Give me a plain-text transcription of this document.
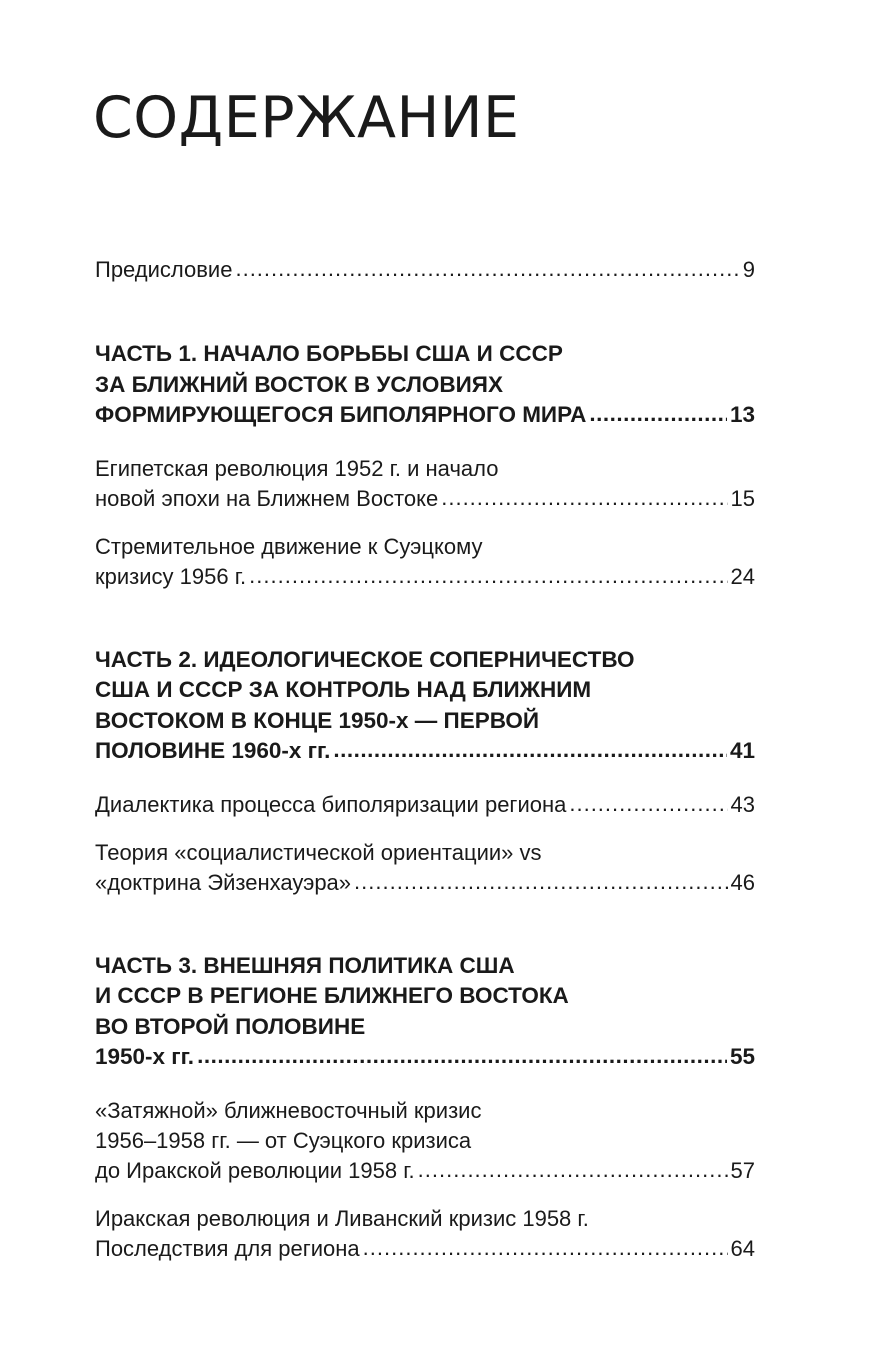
СОДЕРЖАНИЕ
Предисловие .....	9
ЧАСТЬ 1. НАЧАЛО БОРЬБЫ США И СССР
ЗА БЛИЖНИЙ ВОСТОК В УСЛОВИЯХ
ФОРМИРУЮЩЕГОСЯ БИПОЛЯРНОГО МИРА .....	13
Египетская революция 1952 г. и начало
новой эпохи на Ближнем Востоке .....	15
Стремительное движение к Суэцкому
кризису 1956 г. .....	24
ЧАСТЬ 2. ИДЕОЛОГИЧЕСКОЕ СОПЕРНИЧЕСТВО
США И СССР ЗА КОНТРОЛЬ НАД БЛИЖНИМ
ВОСТОКОМ В КОНЦЕ 1950-х — ПЕРВОЙ
ПОЛОВИНЕ 1960-х гг. .....	41
Диалектика процесса биполяризации региона .....	43
Теория «социалистической ориентации» vs
«доктрина Эйзенхауэра» .....	46
ЧАСТЬ 3. ВНЕШНЯЯ ПОЛИТИКА США
И СССР В РЕГИОНЕ БЛИЖНЕГО ВОСТОКА
ВО ВТОРОЙ ПОЛОВИНЕ
1950-х гг. .....	55
«Затяжной» ближневосточный кризис
1956–1958 гг. — от Суэцкого кризиса
до Иракской революции 1958 г. .....	57
Иракская революция и Ливанский кризис 1958 г.
Последствия для региона .....	64
